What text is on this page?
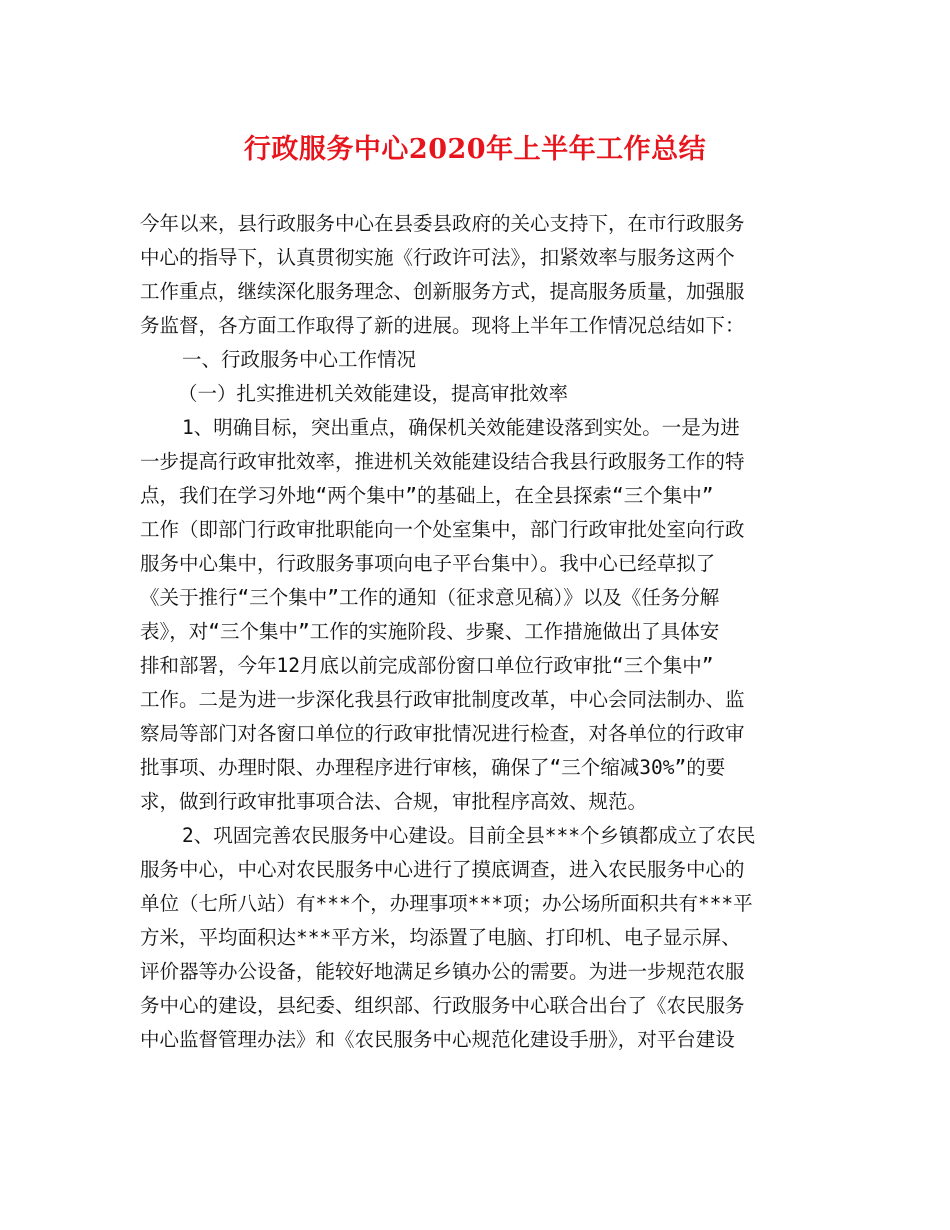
行政服务中心2020年上半年工作总结
今年以来，县行政服务中心在县委县政府的关心支持下，在市行政服务
中心的指导下，认真贯彻实施《行政许可法》，扣紧效率与服务这两个
工作重点，继续深化服务理念、创新服务方式，提高服务质量，加强服
务监督，各方面工作取得了新的进展。现将上半年工作情况总结如下：
一、行政服务中心工作情况
（一）扎实推进机关效能建设，提高审批效率
1、明确目标，突出重点，确保机关效能建设落到实处。一是为进
一步提高行政审批效率，推进机关效能建设结合我县行政服务工作的特
点，我们在学习外地“两个集中”的基础上，在全县探索“三个集中”
工作（即部门行政审批职能向一个处室集中，部门行政审批处室向行政
服务中心集中，行政服务事项向电子平台集中）。我中心已经草拟了
《关于推行“三个集中”工作的通知（征求意见稿）》以及《任务分解
表》，对“三个集中”工作的实施阶段、步聚、工作措施做出了具体安
排和部署，今年12月底以前完成部份窗口单位行政审批“三个集中”
工作。二是为进一步深化我县行政审批制度改革，中心会同法制办、监
察局等部门对各窗口单位的行政审批情况进行检查，对各单位的行政审
批事项、办理时限、办理程序进行审核，确保了“三个缩减30%”的要
求，做到行政审批事项合法、合规，审批程序高效、规范。
2、巩固完善农民服务中心建设。目前全县***个乡镇都成立了农民
服务中心，中心对农民服务中心进行了摸底调查，进入农民服务中心的
单位（七所八站）有***个，办理事项***项；办公场所面积共有***平
方米，平均面积达***平方米，均添置了电脑、打印机、电子显示屏、
评价器等办公设备，能较好地满足乡镇办公的需要。为进一步规范农服
务中心的建设，县纪委、组织部、行政服务中心联合出台了《农民服务
中心监督管理办法》和《农民服务中心规范化建设手册》，对平台建设
